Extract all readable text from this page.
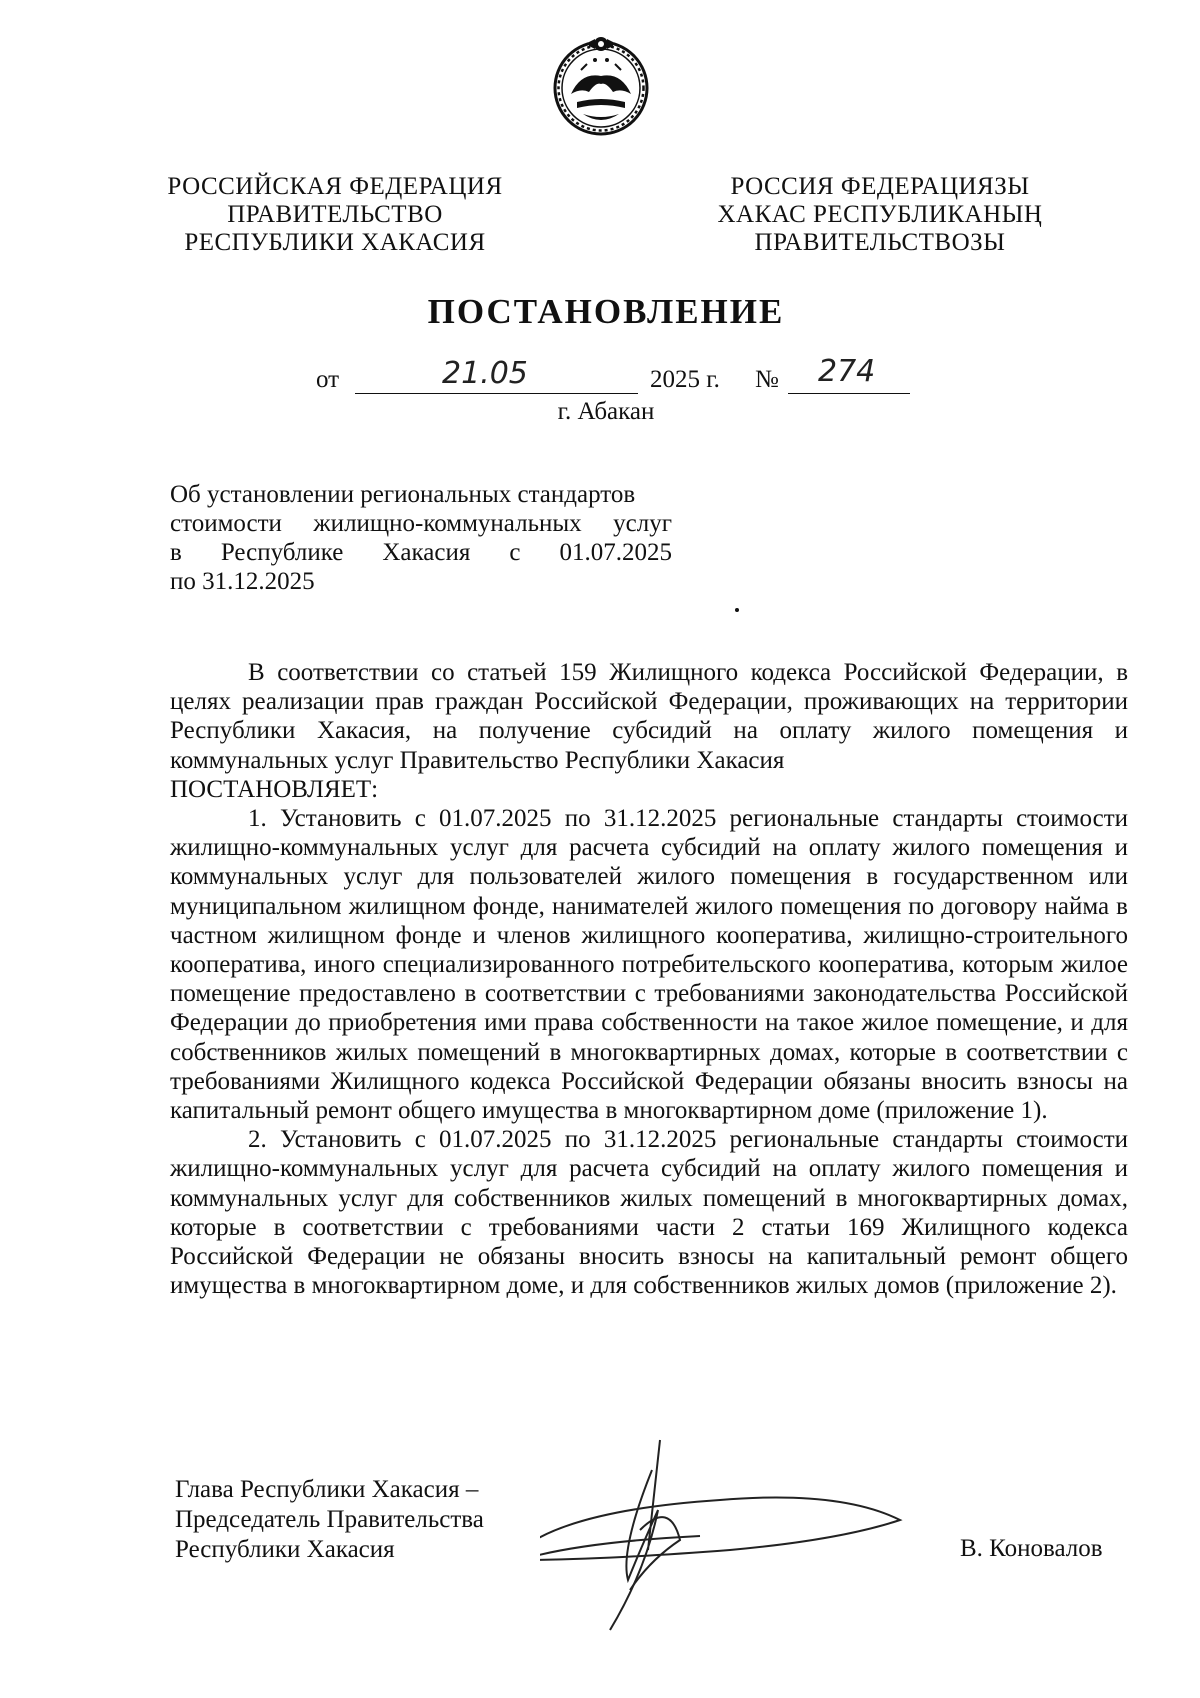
РОССИЙСКАЯ ФЕДЕРАЦИЯ
ПРАВИТЕЛЬСТВО
РЕСПУБЛИКИ ХАКАСИЯ
РОССИЯ ФЕДЕРАЦИЯЗЫ
ХАКАС РЕСПУБЛИКАНЫҢ
ПРАВИТЕЛЬСТВОЗЫ
ПОСТАНОВЛЕНИЕ
от	21.05	2025 г. № 274
г. Абакан
Об установлении региональных стандартов
стоимости жилищно-коммунальных услуг
в Республике Хакасия с 01.07.2025
по 31.12.2025

В соответствии со статьей 159 Жилищного кодекса Российской Федерации, в целях реализации прав граждан Российской Федерации, проживающих на территории Республики Хакасия, на получение субсидий на оплату жилого помещения и коммунальных услуг Правительство Республики Хакасия

ПОСТАНОВЛЯЕТ:

1. Установить с 01.07.2025 по 31.12.2025 региональные стандарты стоимости жилищно-коммунальных услуг для расчета субсидий на оплату жилого помещения и коммунальных услуг для пользователей жилого помещения в государственном или муниципальном жилищном фонде, нанимателей жилого помещения по договору найма в частном жилищном фонде и членов жилищного кооператива, жилищно-строительного кооператива, иного специализированного потребительского кооператива, которым жилое помещение предоставлено в соответствии с требованиями законодательства Российской Федерации до приобретения ими права собственности на такое жилое помещение, и для собственников жилых помещений в многоквартирных домах, которые в соответствии с требованиями Жилищного кодекса Российской Федерации обязаны вносить взносы на капитальный ремонт общего имущества в многоквартирном доме (приложение 1).

2. Установить с 01.07.2025 по 31.12.2025 региональные стандарты стоимости жилищно-коммунальных услуг для расчета субсидий на оплату жилого помещения и коммунальных услуг для собственников жилых помещений в многоквартирных домах, которые в соответствии с требованиями части 2 статьи 169 Жилищного кодекса Российской Федерации не обязаны вносить взносы на капитальный ремонт общего имущества в многоквартирном доме, и для собственников жилых домов (приложение 2).

Глава Республики Хакасия –
Председатель Правительства
Республики Хакасия	В. Коновалов
